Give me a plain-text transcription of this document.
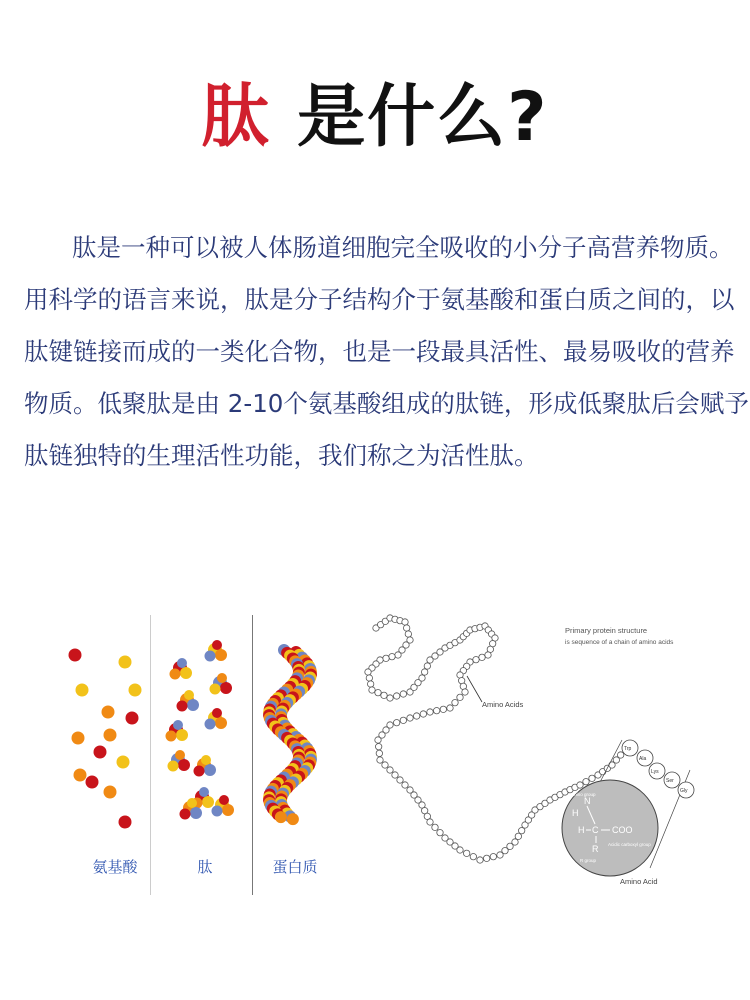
肽 是什么?

肽是一种可以被人体肠道细胞完全吸收的小分子高营养物质。
用科学的语言来说，肽是分子结构介于氨基酸和蛋白质之间的，以
肽键链接而成的一类化合物，也是一段最具活性、最易吸收的营养
物质。低聚肽是由 2-10个氨基酸组成的肽链，形成低聚肽后会赋予
肽链独特的生理活性功能，我们称之为活性肽。

氨基酸	肽	蛋白质
Primary protein structure
is sequence of a chain of amino acids
Amino Acids
Trp
Ala
Lys
Ser
Gly
N
H
H C COO
R
Amino group
Acidic carboxyl group
R group
Amino Acid
